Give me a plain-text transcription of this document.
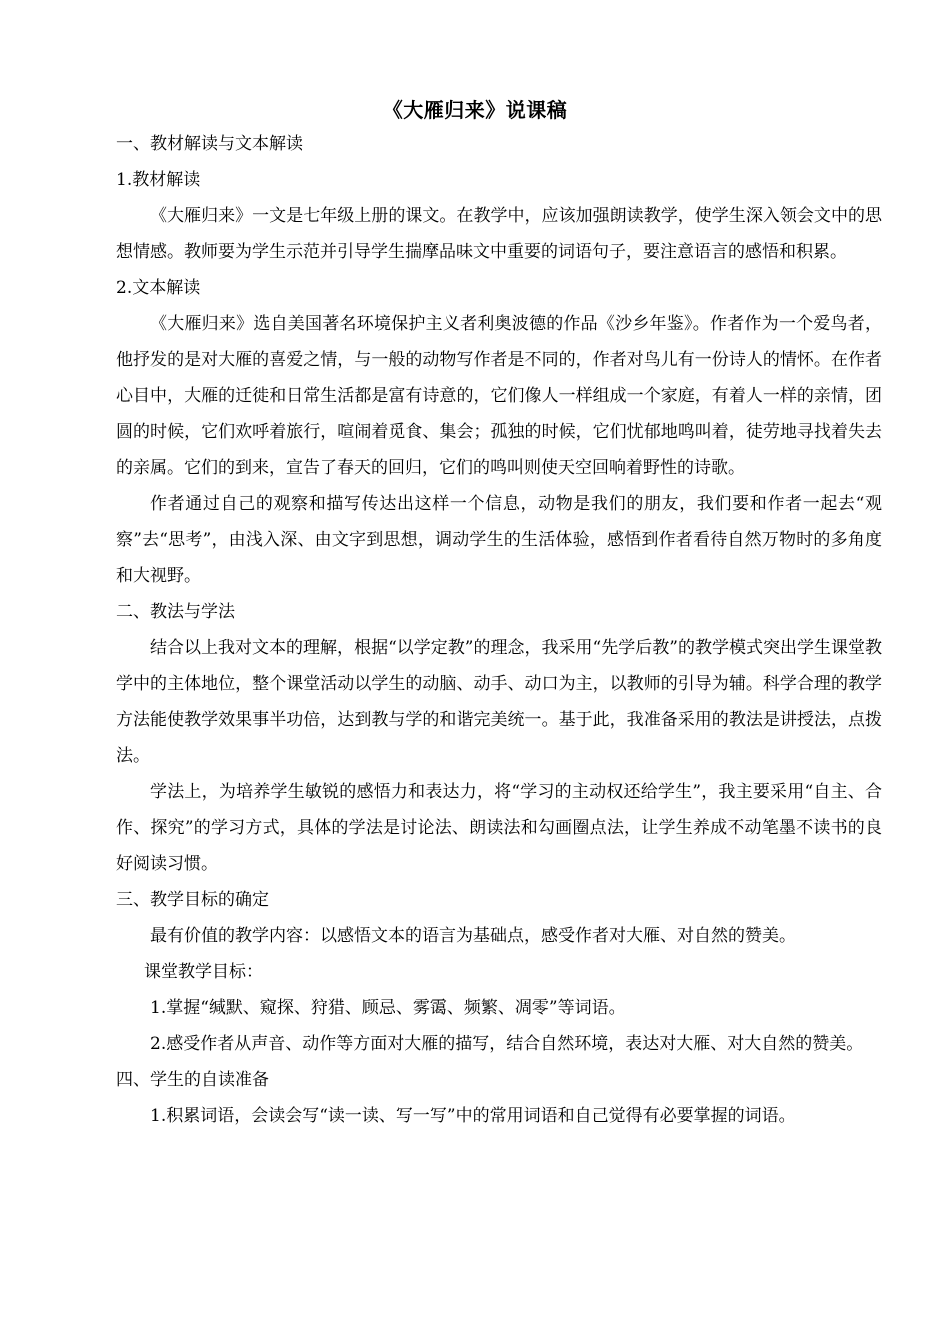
《大雁归来》说课稿

一、教材解读与文本解读

1.教材解读

《大雁归来》一文是七年级上册的课文。在教学中，应该加强朗读教学，使学生深入领会文中的思想情感。教师要为学生示范并引导学生揣摩品味文中重要的词语句子，要注意语言的感悟和积累。

2.文本解读

《大雁归来》选自美国著名环境保护主义者利奥波德的作品《沙乡年鉴》。作者作为一个爱鸟者，他抒发的是对大雁的喜爱之情，与一般的动物写作者是不同的，作者对鸟儿有一份诗人的情怀。在作者心目中，大雁的迁徙和日常生活都是富有诗意的，它们像人一样组成一个家庭，有着人一样的亲情，团圆的时候，它们欢呼着旅行，喧闹着觅食、集会；孤独的时候，它们忧郁地鸣叫着，徒劳地寻找着失去的亲属。它们的到来，宣告了春天的回归，它们的鸣叫则使天空回响着野性的诗歌。

作者通过自己的观察和描写传达出这样一个信息，动物是我们的朋友，我们要和作者一起去“观察”去“思考”，由浅入深、由文字到思想，调动学生的生活体验，感悟到作者看待自然万物时的多角度和大视野。

二、教法与学法

结合以上我对文本的理解，根据“以学定教”的理念，我采用“先学后教”的教学模式突出学生课堂教学中的主体地位，整个课堂活动以学生的动脑、动手、动口为主，以教师的引导为辅。科学合理的教学方法能使教学效果事半功倍，达到教与学的和谐完美统一。基于此，我准备采用的教法是讲授法，点拨法。

学法上，为培养学生敏锐的感悟力和表达力，将“学习的主动权还给学生”，我主要采用“自主、合作、探究”的学习方式，具体的学法是讨论法、朗读法和勾画圈点法，让学生养成不动笔墨不读书的良好阅读习惯。

三、教学目标的确定

最有价值的教学内容：以感悟文本的语言为基础点，感受作者对大雁、对自然的赞美。

课堂教学目标：

1.掌握“缄默、窥探、狩猎、顾忌、雾霭、频繁、凋零”等词语。

2.感受作者从声音、动作等方面对大雁的描写，结合自然环境，表达对大雁、对大自然的赞美。

四、学生的自读准备

1.积累词语，会读会写“读一读、写一写”中的常用词语和自己觉得有必要掌握的词语。
